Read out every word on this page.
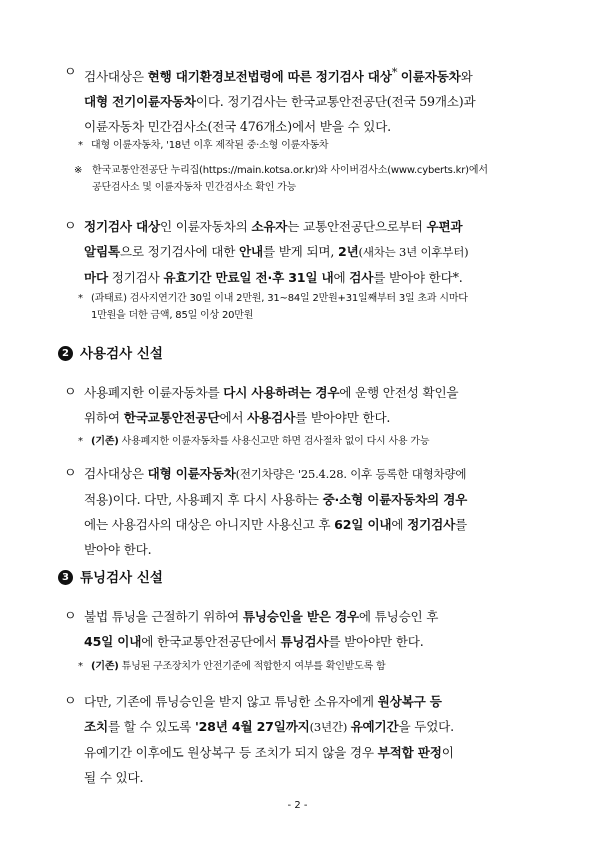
ㅇ 검사대상은 현행 대기환경보전법령에 따른 정기검사 대상* 이륜자동차와
대형 전기이륜자동차이다. 정기검사는 한국교통안전공단(전국 59개소)과
이륜자동차 민간검사소(전국 476개소)에서 받을 수 있다.
* 대형 이륜자동차, '18년 이후 제작된 중·소형 이륜자동차
※ 한국교통안전공단 누리집(https://main.kotsa.or.kr)와 사이버검사소(www.cyberts.kr)에서
공단검사소 및 이륜자동차 민간검사소 확인 가능
ㅇ 정기검사 대상인 이륜자동차의 소유자는 교통안전공단으로부터 우편과
알림톡으로 정기검사에 대한 안내를 받게 되며, 2년(새차는 3년 이후부터)
마다 정기검사 유효기간 만료일 전·후 31일 내에 검사를 받아야 한다*.
* (과태료) 검사지연기간 30일 이내 2만원, 31~84일 2만원+31일째부터 3일 초과 시마다
1만원을 더한 금액, 85일 이상 20만원
2 사용검사 신설
ㅇ 사용폐지한 이륜자동차를 다시 사용하려는 경우에 운행 안전성 확인을
위하여 한국교통안전공단에서 사용검사를 받아야만 한다.
* (기존) 사용폐지한 이륜자동차를 사용신고만 하면 검사절차 없이 다시 사용 가능
ㅇ 검사대상은 대형 이륜자동차(전기차량은 '25.4.28. 이후 등록한 대형차량에
적용)이다. 다만, 사용폐지 후 다시 사용하는 중·소형 이륜자동차의 경우
에는 사용검사의 대상은 아니지만 사용신고 후 62일 이내에 정기검사를
받아야 한다.
3 튜닝검사 신설
ㅇ 불법 튜닝을 근절하기 위하여 튜닝승인을 받은 경우에 튜닝승인 후
45일 이내에 한국교통안전공단에서 튜닝검사를 받아야만 한다.
* (기존) 튜닝된 구조장치가 안전기준에 적합한지 여부를 확인받도록 함
ㅇ 다만, 기존에 튜닝승인을 받지 않고 튜닝한 소유자에게 원상복구 등
조치를 할 수 있도록 '28년 4월 27일까지(3년간) 유예기간을 두었다.
유예기간 이후에도 원상복구 등 조치가 되지 않을 경우 부적합 판정이
될 수 있다.
- 2 -
